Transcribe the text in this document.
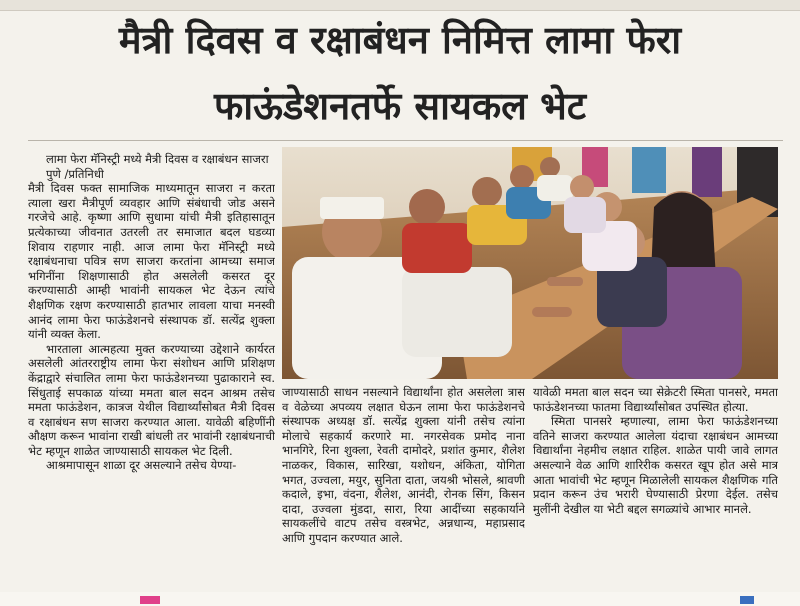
मैत्री दिवस व रक्षाबंधन निमित्त लामा फेरा
फाऊंडेशनतर्फे सायकल भेट

लामा फेरा मॅनिस्ट्री मध्ये मैत्री दिवस व रक्षाबंधन साजरा

पुणे /प्रतिनिधी

मैत्री दिवस फक्त सामाजिक माध्यमातून साजरा न करता त्याला खरा मैत्रीपूर्ण व्यवहार आणि संबंधाची जोड असने गरजेचे आहे. कृष्णा आणि सुधामा यांची मैत्री इतिहासातून प्रत्येकाच्या जीवनात उतरली तर समाजात बदल घडव्या शिवाय राहणार नाही. आज लामा फेरा मॅनिस्ट्री मध्ये रक्षाबंधनाचा पवित्र सण साजरा करतांना आमच्या समाज भगिनींना शिक्षणासाठी होत असलेली कसरत दूर करण्यासाठी आम्ही भावांनी सायकल भेट देऊन त्यांचे शैक्षणिक रक्षण करण्यासाठी हातभार लावला याचा मनस्वी आनंद लामा फेरा फाऊंडेशनचे संस्थापक डॉ. सत्येंद्र शुक्ला यांनी व्यक्त केला.

भारताला आत्महत्या मुक्त करण्याच्या उद्देशाने कार्यरत असलेली आंतरराष्ट्रीय लामा फेरा संशोधन आणि प्रशिक्षण केंद्राद्वारे संचालित लामा फेरा फाऊंडेशनच्या पुढाकाराने स्व. सिंधुताई सपकाळ यांच्या ममता बाल सदन आश्रम तसेच ममता फाऊंडेशन, कात्रज येथील विद्यार्थ्यांसोबत मैत्री दिवस व रक्षाबंधन सण साजरा करण्यात आला. यावेळी बहिणींनी औक्षण करून भावांना राखी बांधली तर भावांनी रक्षाबंधनाची भेट म्हणून शाळेत जाण्यासाठी सायकल भेट दिली.

आश्रमापासून शाळा दूर असल्याने तसेच येण्या-

जाण्यासाठी साधन नसल्याने विद्यार्थांना होत असलेला त्रास व वेळेच्या अपव्यय लक्षात घेऊन लामा फेरा फाऊंडेशनचे संस्थापक अध्यक्ष डॉ. सत्येंद्र शुक्ला यांनी तसेच त्यांना मोलाचे सहकार्य करणारे मा. नगरसेवक प्रमोद नाना भानगिरे, रिना शुक्ला, रेवती दामोदरे, प्रशांत कुमार, शैलेश नाळकर, विकास, सारिखा, यशोधन, अंकिता, योगिता भगत, उज्वला, मयुर, सुनिता दाता, जयश्री भोसले, श्रावणी कदाले, इभा, वंदना, शैलेश, आनंदी, रोनक सिंग, किसन दादा, उज्वला मुंडदा, सारा, रिया आदींच्या सहकार्याने सायकलींचे वाटप तसेच वस्त्रभेट, अन्नधान्य, महाप्रसाद आणि गुपदान करण्यात आले.

यावेळी ममता बाल सदन च्या सेक्रेटरी स्मिता पानसरे, ममता फाऊंडेशनच्या फातमा विद्यार्थ्यांसोबत उपस्थित होत्या.

स्मिता पानसरे म्हणाल्या, लामा फेरा फाऊंडेशनच्या वतिने साजरा करण्यात आलेला यंदाचा रक्षाबंधन आमच्या विद्यार्थांना नेहमीच लक्षात राहिल. शाळेत पायी जावे लागत असल्याने वेळ आणि शारिरीक कसरत खूप होत असे मात्र आता भावांची भेट म्हणून मिळालेली सायकल शैक्षणिक गति प्रदान करून उंच भरारी घेण्यासाठी प्रेरणा देईल. तसेच मुलींनी देखील या भेटी बद्दल सगळ्यांचे आभार मानले.
